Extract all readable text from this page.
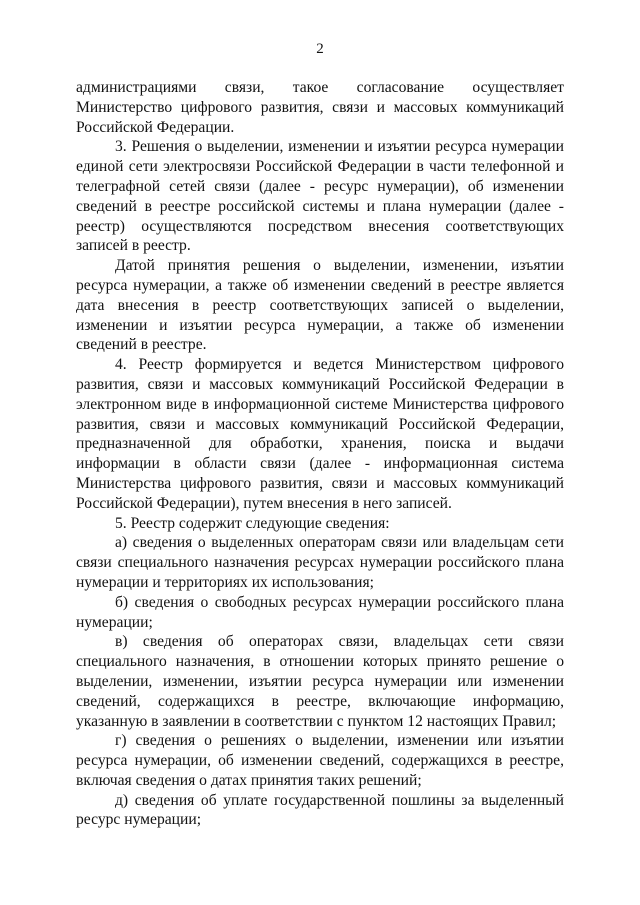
2

администрациями связи, такое согласование осуществляет Министерство цифрового развития, связи и массовых коммуникаций Российской Федерации.

3. Решения о выделении, изменении и изъятии ресурса нумерации единой сети электросвязи Российской Федерации в части телефонной и телеграфной сетей связи (далее - ресурс нумерации), об изменении сведений в реестре российской системы и плана нумерации (далее - реестр) осуществляются посредством внесения соответствующих записей в реестр.

Датой принятия решения о выделении, изменении, изъятии ресурса нумерации, а также об изменении сведений в реестре является дата внесения в реестр соответствующих записей о выделении, изменении и изъятии ресурса нумерации, а также об изменении сведений в реестре.

4. Реестр формируется и ведется Министерством цифрового развития, связи и массовых коммуникаций Российской Федерации в электронном виде в информационной системе Министерства цифрового развития, связи и массовых коммуникаций Российской Федерации, предназначенной для обработки, хранения, поиска и выдачи информации в области связи (далее - информационная система Министерства цифрового развития, связи и массовых коммуникаций Российской Федерации), путем внесения в него записей.

5. Реестр содержит следующие сведения:

а) сведения о выделенных операторам связи или владельцам сети связи специального назначения ресурсах нумерации российского плана нумерации и территориях их использования;

б) сведения о свободных ресурсах нумерации российского плана нумерации;

в) сведения об операторах связи, владельцах сети связи специального назначения, в отношении которых принято решение о выделении, изменении, изъятии ресурса нумерации или изменении сведений, содержащихся в реестре, включающие информацию, указанную в заявлении в соответствии с пунктом 12 настоящих Правил;

г) сведения о решениях о выделении, изменении или изъятии ресурса нумерации, об изменении сведений, содержащихся в реестре, включая сведения о датах принятия таких решений;

д) сведения об уплате государственной пошлины за выделенный ресурс нумерации;
